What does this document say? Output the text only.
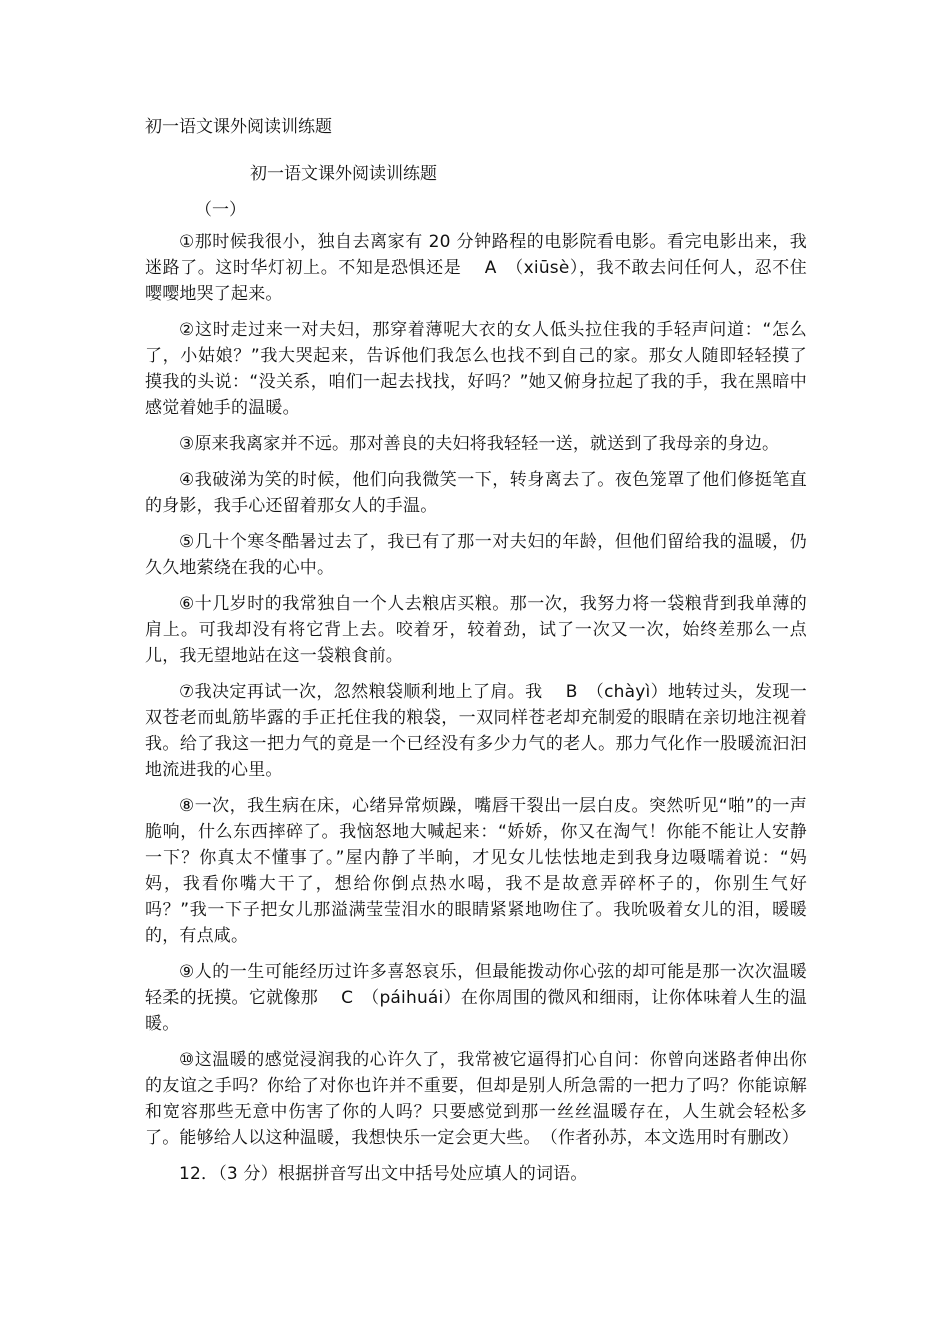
初一语文课外阅读训练题
初一语文课外阅读训练题
（一）

①那时候我很小，独自去离家有 20 分钟路程的电影院看电影。看完电影出来，我迷路了。这时华灯初上。不知是恐惧还是　 A　（xiūsè），我不敢去问任何人，忍不住嘤嘤地哭了起来。

②这时走过来一对夫妇，那穿着薄呢大衣的女人低头拉住我的手轻声问道：“怎么了，小姑娘？”我大哭起来，告诉他们我怎么也找不到自己的家。那女人随即轻轻摸了摸我的头说：“没关系，咱们一起去找找，好吗？”她又俯身拉起了我的手，我在黑暗中感觉着她手的温暖。

③原来我离家并不远。那对善良的夫妇将我轻轻一送，就送到了我母亲的身边。

④我破涕为笑的时候，他们向我微笑一下，转身离去了。夜色笼罩了他们修挺笔直的身影，我手心还留着那女人的手温。

⑤几十个寒冬酷暑过去了，我已有了那一对夫妇的年龄，但他们留给我的温暖，仍久久地萦绕在我的心中。

⑥十几岁时的我常独自一个人去粮店买粮。那一次，我努力将一袋粮背到我单薄的肩上。可我却没有将它背上去。咬着牙，较着劲，试了一次又一次，始终差那么一点儿，我无望地站在这一袋粮食前。

⑦我决定再试一次，忽然粮袋顺利地上了肩。我　 B　（chàyì）地转过头，发现一双苍老而虬筋毕露的手正托住我的粮袋，一双同样苍老却充制爱的眼睛在亲切地注视着我。给了我这一把力气的竟是一个已经没有多少力气的老人。那力气化作一股暖流汩汩地流进我的心里。

⑧一次，我生病在床，心绪异常烦躁，嘴唇干裂出一层白皮。突然听见“啪”的一声脆响，什么东西摔碎了。我恼怒地大喊起来：“娇娇，你又在淘气！你能不能让人安静一下？你真太不懂事了。”屋内静了半晌，才见女儿怯怯地走到我身边嗫嚅着说：“妈妈，我看你嘴大干了，想给你倒点热水喝，我不是故意弄碎杯子的，你别生气好吗？”我一下子把女儿那溢满莹莹泪水的眼睛紧紧地吻住了。我吮吸着女儿的泪，暖暖的，有点咸。

⑨人的一生可能经历过许多喜怒哀乐，但最能拨动你心弦的却可能是那一次次温暖轻柔的抚摸。它就像那　 C　（páihuái）在你周围的微风和细雨，让你体味着人生的温暖。

⑩这温暖的感觉浸润我的心许久了，我常被它逼得扪心自问：你曾向迷路者伸出你的友谊之手吗？你给了对你也许并不重要，但却是别人所急需的一把力了吗？你能谅解和宽容那些无意中伤害了你的人吗？只要感觉到那一丝丝温暖存在，人生就会轻松多了。能够给人以这种温暖，我想快乐一定会更大些。　（作者孙苏，本文选用时有删改）

12．（3 分）根据拼音写出文中括号处应填人的词语。
